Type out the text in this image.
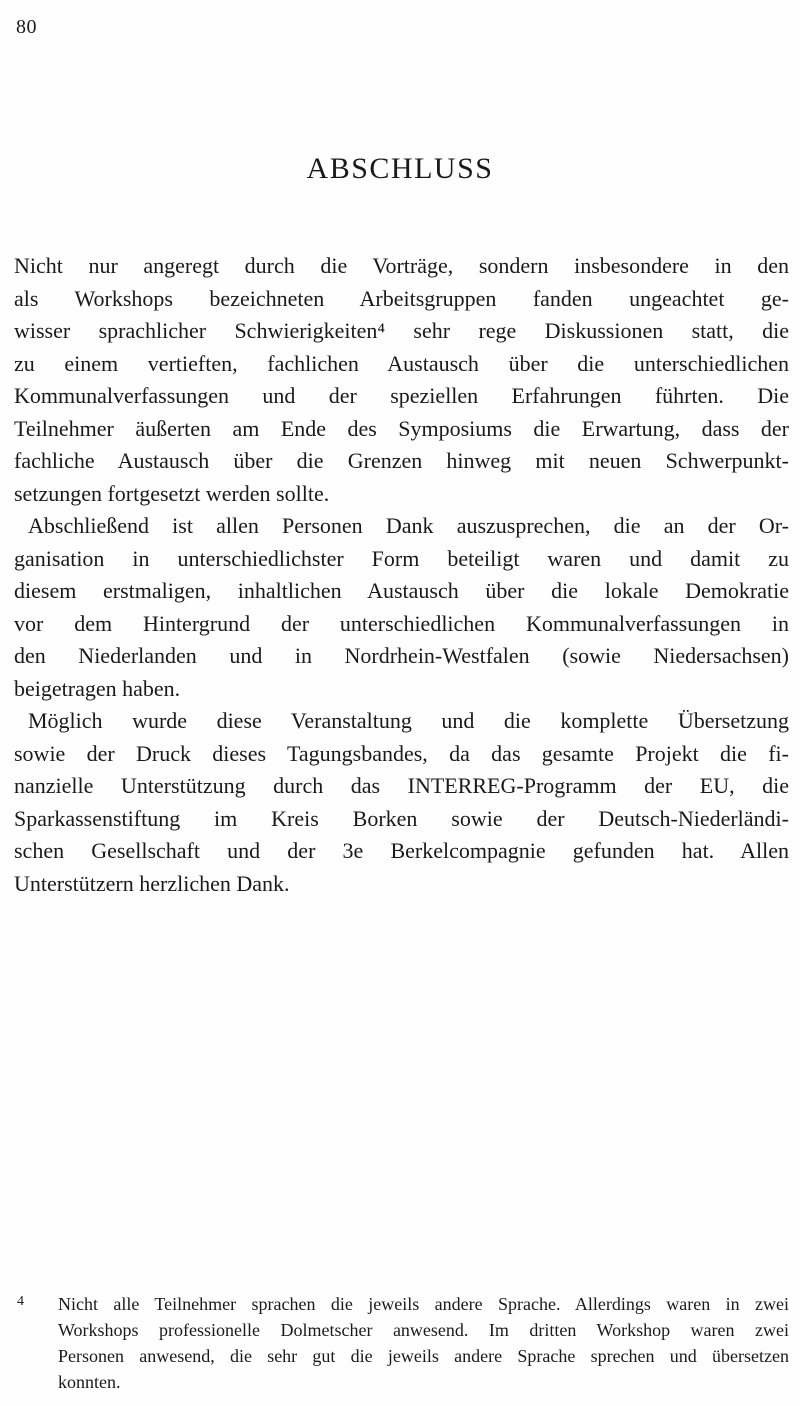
80
ABSCHLUSS
Nicht nur angeregt durch die Vorträge, sondern insbesondere in den
als Workshops bezeichneten Arbeitsgruppen fanden ungeachtet ge-
wisser sprachlicher Schwierigkeiten⁴ sehr rege Diskussionen statt, die
zu einem vertieften, fachlichen Austausch über die unterschiedlichen
Kommunalverfassungen und der speziellen Erfahrungen führten. Die
Teilnehmer äußerten am Ende des Symposiums die Erwartung, dass der
fachliche Austausch über die Grenzen hinweg mit neuen Schwerpunkt-
setzungen fortgesetzt werden sollte.
Abschließend ist allen Personen Dank auszusprechen, die an der Or-
ganisation in unterschiedlichster Form beteiligt waren und damit zu
diesem erstmaligen, inhaltlichen Austausch über die lokale Demokratie
vor dem Hintergrund der unterschiedlichen Kommunalverfassungen in
den Niederlanden und in Nordrhein-Westfalen (sowie Niedersachsen)
beigetragen haben.
Möglich wurde diese Veranstaltung und die komplette Übersetzung
sowie der Druck dieses Tagungsbandes, da das gesamte Projekt die fi-
nanzielle Unterstützung durch das INTERREG-Programm der EU, die
Sparkassenstiftung im Kreis Borken sowie der Deutsch-Niederländi-
schen Gesellschaft und der 3e Berkelcompagnie gefunden hat. Allen
Unterstützern herzlichen Dank.
4 Nicht alle Teilnehmer sprachen die jeweils andere Sprache. Allerdings waren in zwei
Workshops professionelle Dolmetscher anwesend. Im dritten Workshop waren zwei
Personen anwesend, die sehr gut die jeweils andere Sprache sprechen und übersetzen
konnten.
